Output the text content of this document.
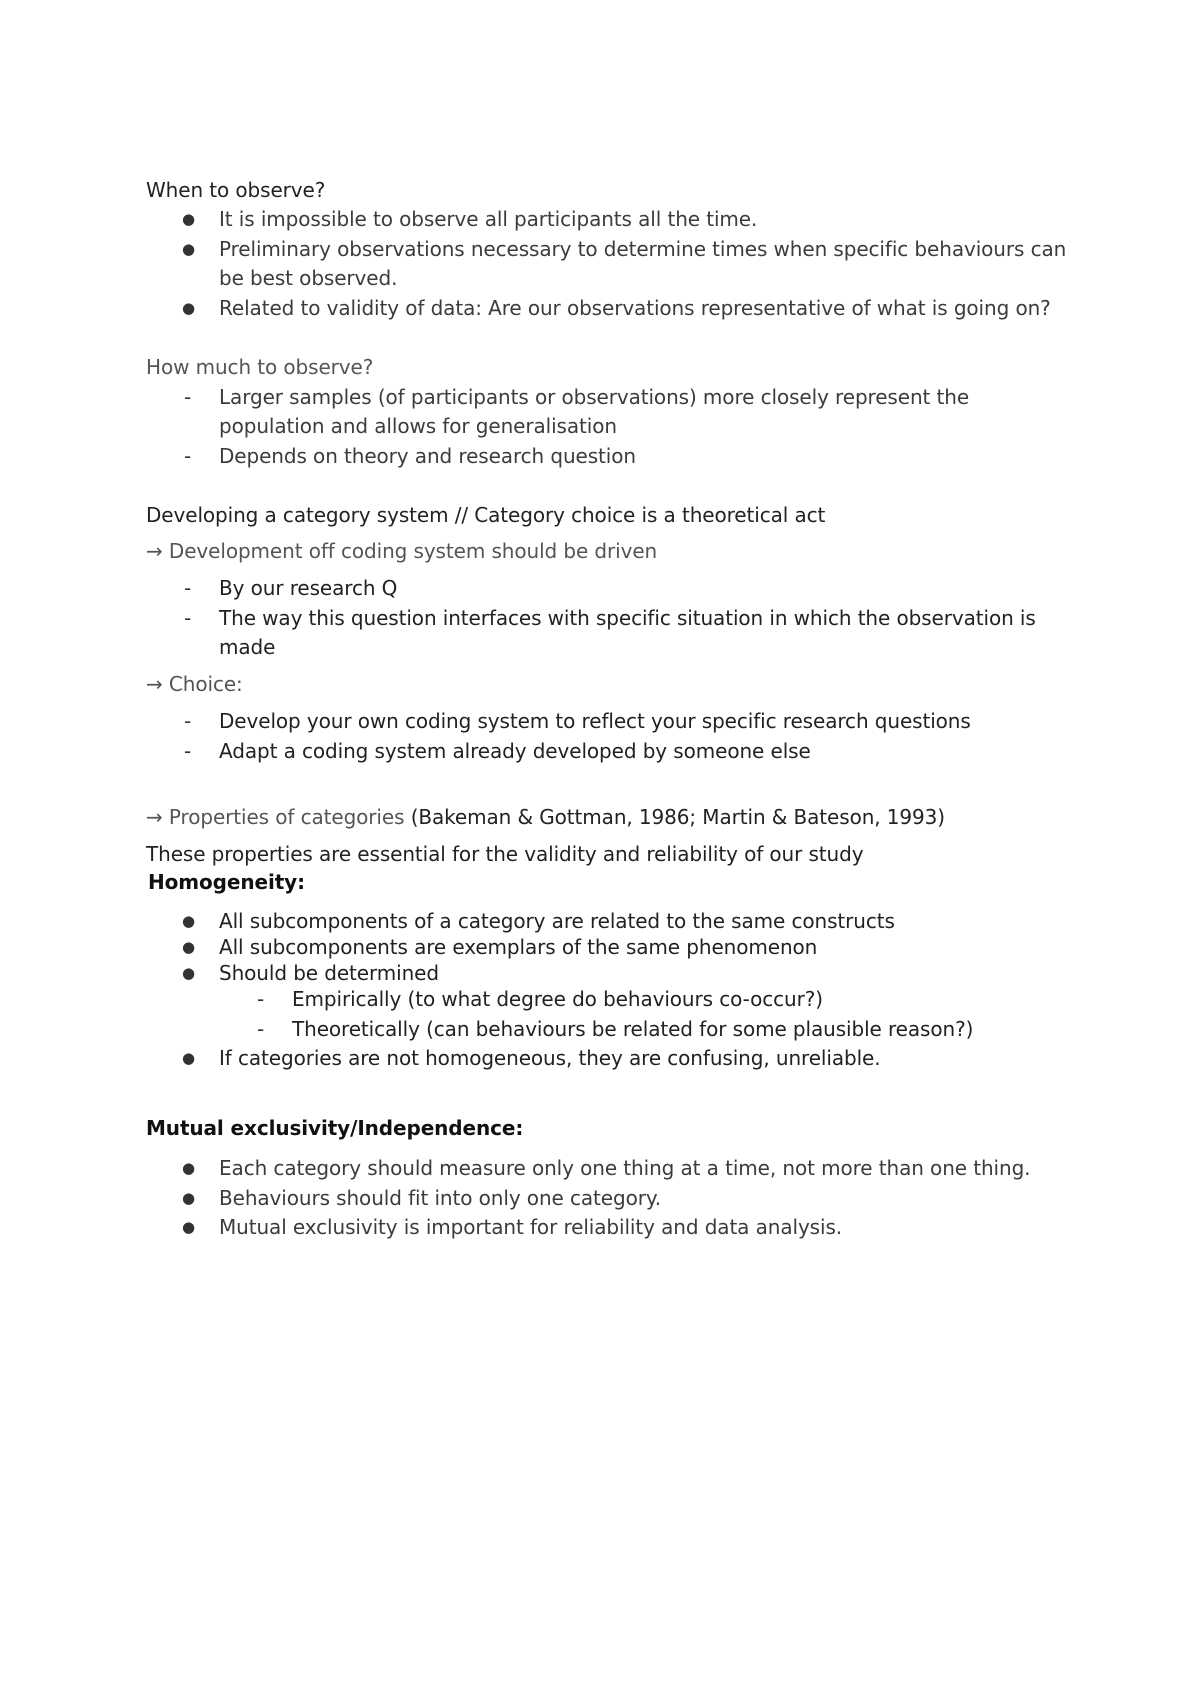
When to observe?
● It is impossible to observe all participants all the time.
● Preliminary observations necessary to determine times when specific behaviours can
be best observed.
● Related to validity of data: Are our observations representative of what is going on?
How much to observe?
- Larger samples (of participants or observations) more closely represent the
population and allows for generalisation
- Depends on theory and research question
Developing a category system // Category choice is a theoretical act
→ Development off coding system should be driven
- By our research Q
- The way this question interfaces with specific situation in which the observation is
made
→ Choice:
- Develop your own coding system to reflect your specific research questions
- Adapt a coding system already developed by someone else
→ Properties of categories (Bakeman & Gottman, 1986; Martin & Bateson, 1993)
These properties are essential for the validity and reliability of our study
Homogeneity:
● All subcomponents of a category are related to the same constructs
● All subcomponents are exemplars of the same phenomenon
● Should be determined
- Empirically (to what degree do behaviours co-occur?)
- Theoretically (can behaviours be related for some plausible reason?)
● If categories are not homogeneous, they are confusing, unreliable.
Mutual exclusivity/Independence:
● Each category should measure only one thing at a time, not more than one thing.
● Behaviours should fit into only one category.
● Mutual exclusivity is important for reliability and data analysis.
